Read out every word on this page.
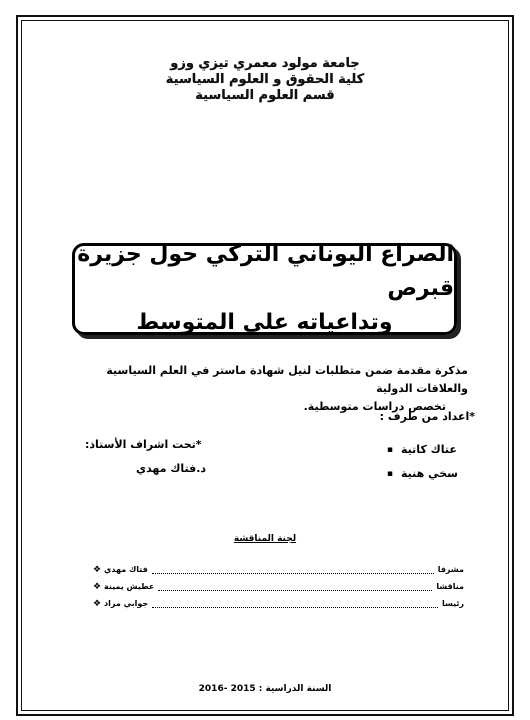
جامعة مولود معمري تيزي وزو
كلية الحقوق و العلوم السياسية
قسم العلوم السياسية
الصراع اليوناني التركي حول جزيرة قبرص
وتداعياته على المتوسط
مذكرة مقدمة ضمن متطلبات لنيل شهادة ماستر في العلم السياسية والعلاقات الدولية
تخصص دراسات متوسطية.
*اعداد من طرف :
▪ عتاك كاتية
▪ سخي هنية
*تحت اشراف الأستاذ:
د.فتاك مهدي
لجنة المناقشة
❖ فتاك مهدي	مشرفا
❖ عطيش يمينة	مناقشا
❖ جوابي مراد	رئيسا
السنة الدراسية : 2015 -2016
